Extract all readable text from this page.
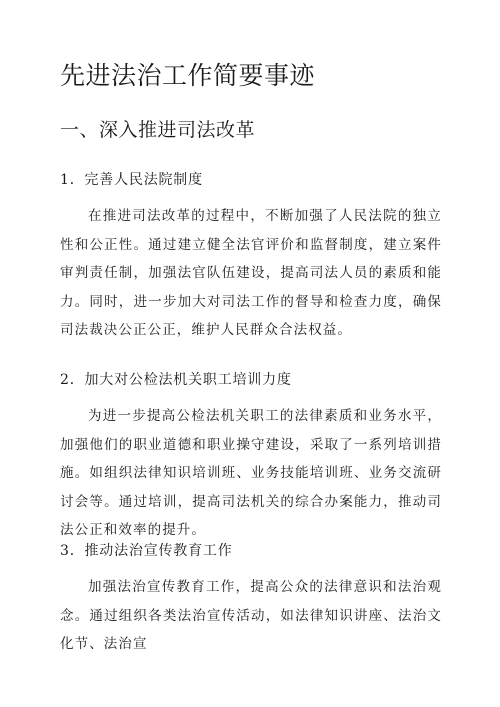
先进法治工作简要事迹
一、深入推进司法改革
1．完善人民法院制度

在推进司法改革的过程中，不断加强了人民法院的独立性和公正性。通过建立健全法官评价和监督制度，建立案件审判责任制，加强法官队伍建设，提高司法人员的素质和能力。同时，进一步加大对司法工作的督导和检查力度，确保司法裁决公正公正，维护人民群众合法权益。

2．加大对公检法机关职工培训力度

为进一步提高公检法机关职工的法律素质和业务水平，加强他们的职业道德和职业操守建设，采取了一系列培训措施。如组织法律知识培训班、业务技能培训班、业务交流研讨会等。通过培训，提高司法机关的综合办案能力，推动司法公正和效率的提升。

3．推动法治宣传教育工作

加强法治宣传教育工作，提高公众的法律意识和法治观念。通过组织各类法治宣传活动，如法律知识讲座、法治文化节、法治宣
